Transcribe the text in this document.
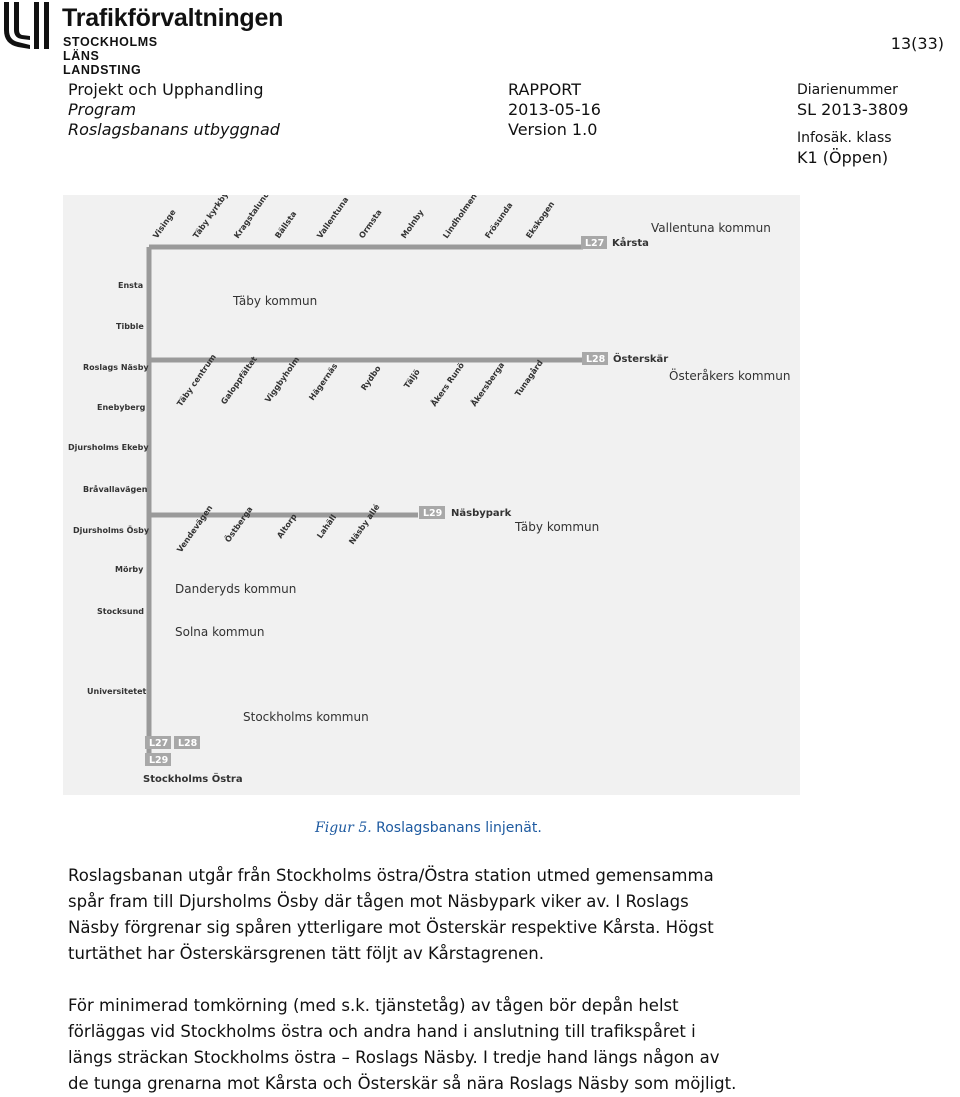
Trafikförvaltningen
STOCKHOLMS LÄNS LANDSTING
13(33)
Projekt och Upphandling
Program
Roslagsbanans utbyggnad
RAPPORT
2013-05-16
Version 1.0
Diarienummer
SL 2013-3809
Infosäk. klass
K1 (Öppen)
Ensta
Tibble
Roslags Näsby
Enebyberg
Djursholms Ekeby
Bråvallavägen
Djursholms Ösby
Mörby
Stocksund
Universitetet
Visinge Täby kyrkby Kragstalund Bällsta Vallentuna Ormsta Molnby Lindholmen Frösunda Ekskogen
L27 Kårsta
Täby centrum Galoppfältet Viggbyholm Hägernäs Rydbo Täljö Åkers Runö Åkersberga Tunagård	L28 Österskär
Vendevägen Östberga	Altorp Lahäll Näsby allé	L29 Näsbypark
Vallentuna kommun
Täby kommun
Österåkers kommun
Täby kommun
Danderyds kommun
Solna kommun
Stockholms kommun
L27 L28
L29
Stockholms Östra
Figur 5. Roslagsbanans linjenät.
Roslagsbanan utgår från Stockholms östra/Östra station utmed gemensamma
spår fram till Djursholms Ösby där tågen mot Näsbypark viker av. I Roslags
Näsby förgrenar sig spåren ytterligare mot Österskär respektive Kårsta. Högst
turtäthet har Österskärsgrenen tätt följt av Kårstagrenen.
För minimerad tomkörning (med s.k. tjänstetåg) av tågen bör depån helst
förläggas vid Stockholms östra och andra hand i anslutning till trafikspåret i
längs sträckan Stockholms östra – Roslags Näsby. I tredje hand längs någon av
de tunga grenarna mot Kårsta och Österskär så nära Roslags Näsby som möjligt.
